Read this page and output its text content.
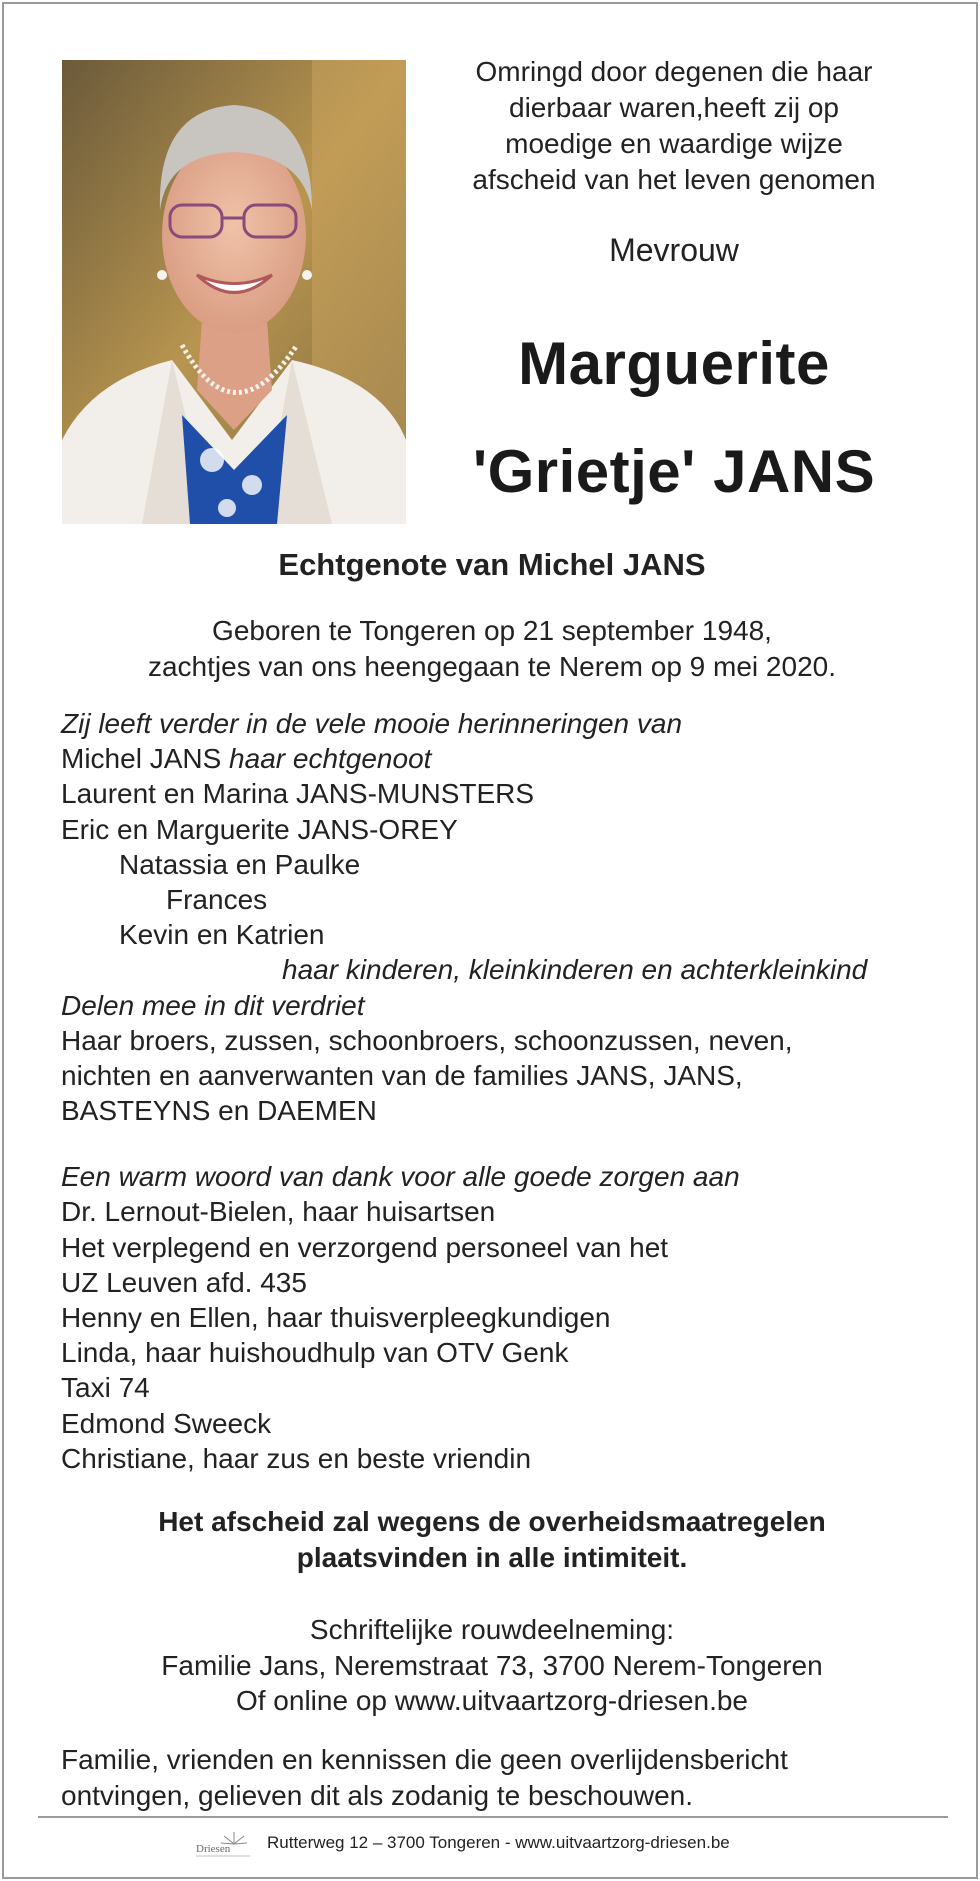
Omringd door degenen die haar
dierbaar waren,heeft zij op
moedige en waardige wijze
afscheid van het leven genomen
Mevrouw
Marguerite
'Grietje' JANS
Echtgenote van Michel JANS
Geboren te Tongeren op 21 september 1948,
zachtjes van ons heengegaan te Nerem op 9 mei 2020.
Zij leeft verder in de vele mooie herinneringen van
Michel JANS haar echtgenoot
Laurent en Marina JANS-MUNSTERS
Eric en Marguerite JANS-OREY
Natassia en Paulke
Frances
Kevin en Katrien
haar kinderen, kleinkinderen en achterkleinkind
Delen mee in dit verdriet
Haar broers, zussen, schoonbroers, schoonzussen, neven,
nichten en aanverwanten van de families JANS, JANS,
BASTEYNS en DAEMEN
Een warm woord van dank voor alle goede zorgen aan
Dr. Lernout-Bielen, haar huisartsen
Het verplegend en verzorgend personeel van het
UZ Leuven afd. 435
Henny en Ellen, haar thuisverpleegkundigen
Linda, haar huishoudhulp van OTV Genk
Taxi 74
Edmond Sweeck
Christiane, haar zus en beste vriendin
Het afscheid zal wegens de overheidsmaatregelen
plaatsvinden in alle intimiteit.
Schriftelijke rouwdeelneming:
Familie Jans, Neremstraat 73, 3700 Nerem-Tongeren
Of online op www.uitvaartzorg-driesen.be
Familie, vrienden en kennissen die geen overlijdensbericht
ontvingen, gelieven dit als zodanig te beschouwen.
Driesen Rutterweg 12 – 3700 Tongeren - www.uitvaartzorg-driesen.be
